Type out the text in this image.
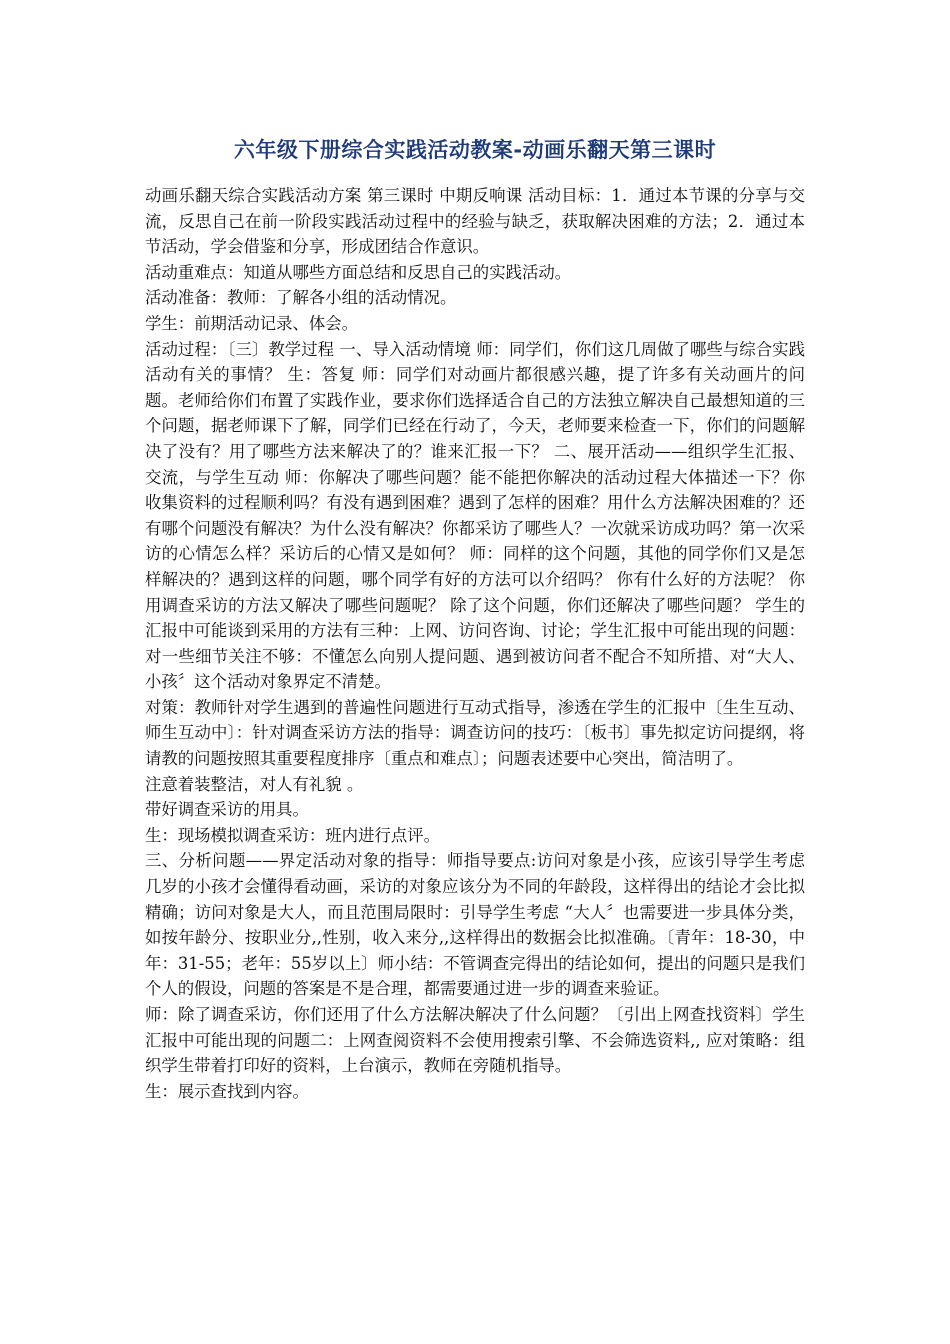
六年级下册综合实践活动教案-动画乐翻天第三课时

动画乐翻天综合实践活动方案 第三课时 中期反响课 活动目标：1．通过本节课的分享与交流，反思自己在前一阶段实践活动过程中的经验与缺乏，获取解决困难的方法；2．通过本节活动，学会借鉴和分享，形成团结合作意识。

活动重难点：知道从哪些方面总结和反思自己的实践活动。

活动准备：教师：了解各小组的活动情况。

学生：前期活动记录、体会。

活动过程：〔三〕教学过程 一、导入活动情境 师：同学们，你们这几周做了哪些与综合实践活动有关的事情？ 生：答复 师：同学们对动画片都很感兴趣，提了许多有关动画片的问题。老师给你们布置了实践作业，要求你们选择适合自己的方法独立解决自己最想知道的三个问题，据老师课下了解，同学们已经在行动了，今天，老师要来检查一下，你们的问题解决了没有？用了哪些方法来解决了的？谁来汇报一下？ 二、展开活动——组织学生汇报、交流，与学生互动 师：你解决了哪些问题？能不能把你解决的活动过程大体描述一下？你收集资料的过程顺利吗？有没有遇到困难？遇到了怎样的困难？用什么方法解决困难的？还有哪个问题没有解决？为什么没有解决？你都采访了哪些人？一次就采访成功吗？第一次采访的心情怎么样？采访后的心情又是如何？ 师：同样的这个问题，其他的同学你们又是怎样解决的？遇到这样的问题，哪个同学有好的方法可以介绍吗？ 你有什么好的方法呢？ 你用调查采访的方法又解决了哪些问题呢？ 除了这个问题，你们还解决了哪些问题？ 学生的汇报中可能谈到采用的方法有三种：上网、访问咨询、讨论；学生汇报中可能出现的问题：对一些细节关注不够：不懂怎么向别人提问题、遇到被访问者不配合不知所措、对“大人、小孩〞这个活动对象界定不清楚。

对策：教师针对学生遇到的普遍性问题进行互动式指导，渗透在学生的汇报中〔生生互动、师生互动中〕：针对调查采访方法的指导：调查访问的技巧：〔板书〕事先拟定访问提纲，将请教的问题按照其重要程度排序〔重点和难点〕；问题表述要中心突出，简洁明了。

注意着装整洁，对人有礼貌 。

带好调查采访的用具。

生：现场模拟调查采访：班内进行点评。

三、分析问题——界定活动对象的指导：师指导要点:访问对象是小孩，应该引导学生考虑几岁的小孩才会懂得看动画，采访的对象应该分为不同的年龄段，这样得出的结论才会比拟精确；访问对象是大人，而且范围局限时：引导学生考虑 “大人〞也需要进一步具体分类，如按年龄分、按职业分,,性别，收入来分,,这样得出的数据会比拟准确。〔青年：18-30，中年：31-55；老年：55岁以上〕师小结：不管调查完得出的结论如何，提出的问题只是我们个人的假设，问题的答案是不是合理，都需要通过进一步的调查来验证。

师：除了调查采访，你们还用了什么方法解决解决了什么问题？〔引出上网查找资料〕学生汇报中可能出现的问题二：上网查阅资料不会使用搜索引擎、不会筛选资料,, 应对策略：组织学生带着打印好的资料，上台演示，教师在旁随机指导。

生：展示查找到内容。
